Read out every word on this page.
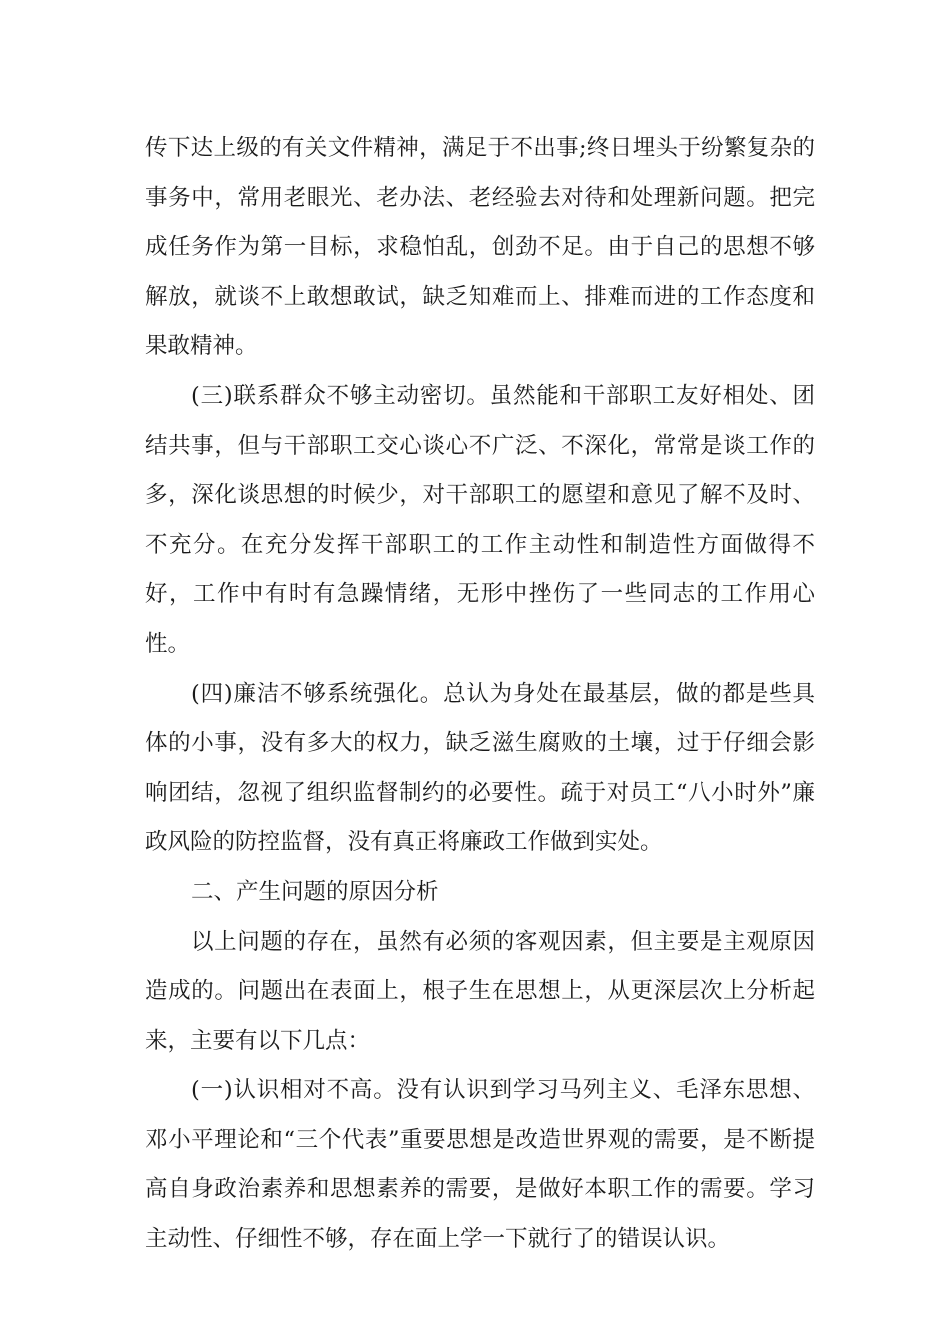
传下达上级的有关文件精神，满足于不出事;终日埋头于纷繁复杂的事务中，常用老眼光、老办法、老经验去对待和处理新问题。把完成任务作为第一目标，求稳怕乱，创劲不足。由于自己的思想不够解放，就谈不上敢想敢试，缺乏知难而上、排难而进的工作态度和果敢精神。

(三)联系群众不够主动密切。虽然能和干部职工友好相处、团结共事，但与干部职工交心谈心不广泛、不深化，常常是谈工作的多，深化谈思想的时候少，对干部职工的愿望和意见了解不及时、不充分。在充分发挥干部职工的工作主动性和制造性方面做得不好，工作中有时有急躁情绪，无形中挫伤了一些同志的工作用心性。

(四)廉洁不够系统强化。总认为身处在最基层，做的都是些具体的小事，没有多大的权力，缺乏滋生腐败的土壤，过于仔细会影响团结，忽视了组织监督制约的必要性。疏于对员工“八小时外”廉政风险的防控监督，没有真正将廉政工作做到实处。

二、产生问题的原因分析

以上问题的存在，虽然有必须的客观因素，但主要是主观原因造成的。问题出在表面上，根子生在思想上，从更深层次上分析起来，主要有以下几点：

(一)认识相对不高。没有认识到学习马列主义、毛泽东思想、邓小平理论和“三个代表”重要思想是改造世界观的需要，是不断提高自身政治素养和思想素养的需要，是做好本职工作的需要。学习主动性、仔细性不够，存在面上学一下就行了的错误认识。
